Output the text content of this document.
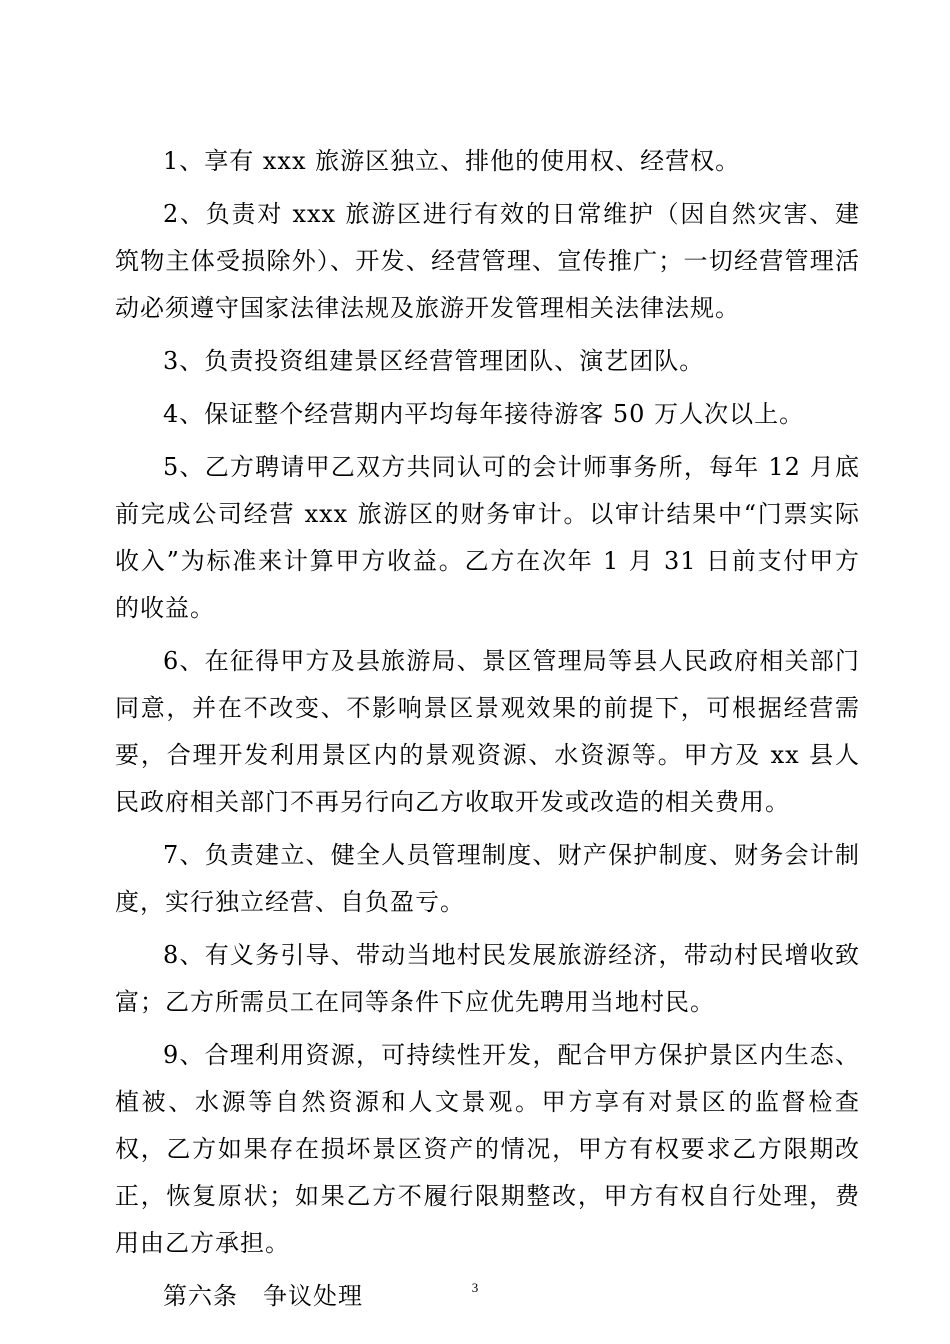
1、享有 xxx 旅游区独立、排他的使用权、经营权。

2、负责对 xxx 旅游区进行有效的日常维护（因自然灾害、建筑物主体受损除外）、开发、经营管理、宣传推广；一切经营管理活动必须遵守国家法律法规及旅游开发管理相关法律法规。

3、负责投资组建景区经营管理团队、演艺团队。

4、保证整个经营期内平均每年接待游客 50 万人次以上。

5、乙方聘请甲乙双方共同认可的会计师事务所，每年 12 月底前完成公司经营 xxx 旅游区的财务审计。以审计结果中“门票实际收入”为标准来计算甲方收益。乙方在次年 1 月 31 日前支付甲方的收益。

6、在征得甲方及县旅游局、景区管理局等县人民政府相关部门同意，并在不改变、不影响景区景观效果的前提下，可根据经营需要，合理开发利用景区内的景观资源、水资源等。甲方及 xx 县人民政府相关部门不再另行向乙方收取开发或改造的相关费用。

7、负责建立、健全人员管理制度、财产保护制度、财务会计制度，实行独立经营、自负盈亏。

8、有义务引导、带动当地村民发展旅游经济，带动村民增收致富；乙方所需员工在同等条件下应优先聘用当地村民。

9、合理利用资源，可持续性开发，配合甲方保护景区内生态、植被、水源等自然资源和人文景观。甲方享有对景区的监督检查权，乙方如果存在损坏景区资产的情况，甲方有权要求乙方限期改正，恢复原状；如果乙方不履行限期整改，甲方有权自行处理，费用由乙方承担。

第六条　争议处理	3
